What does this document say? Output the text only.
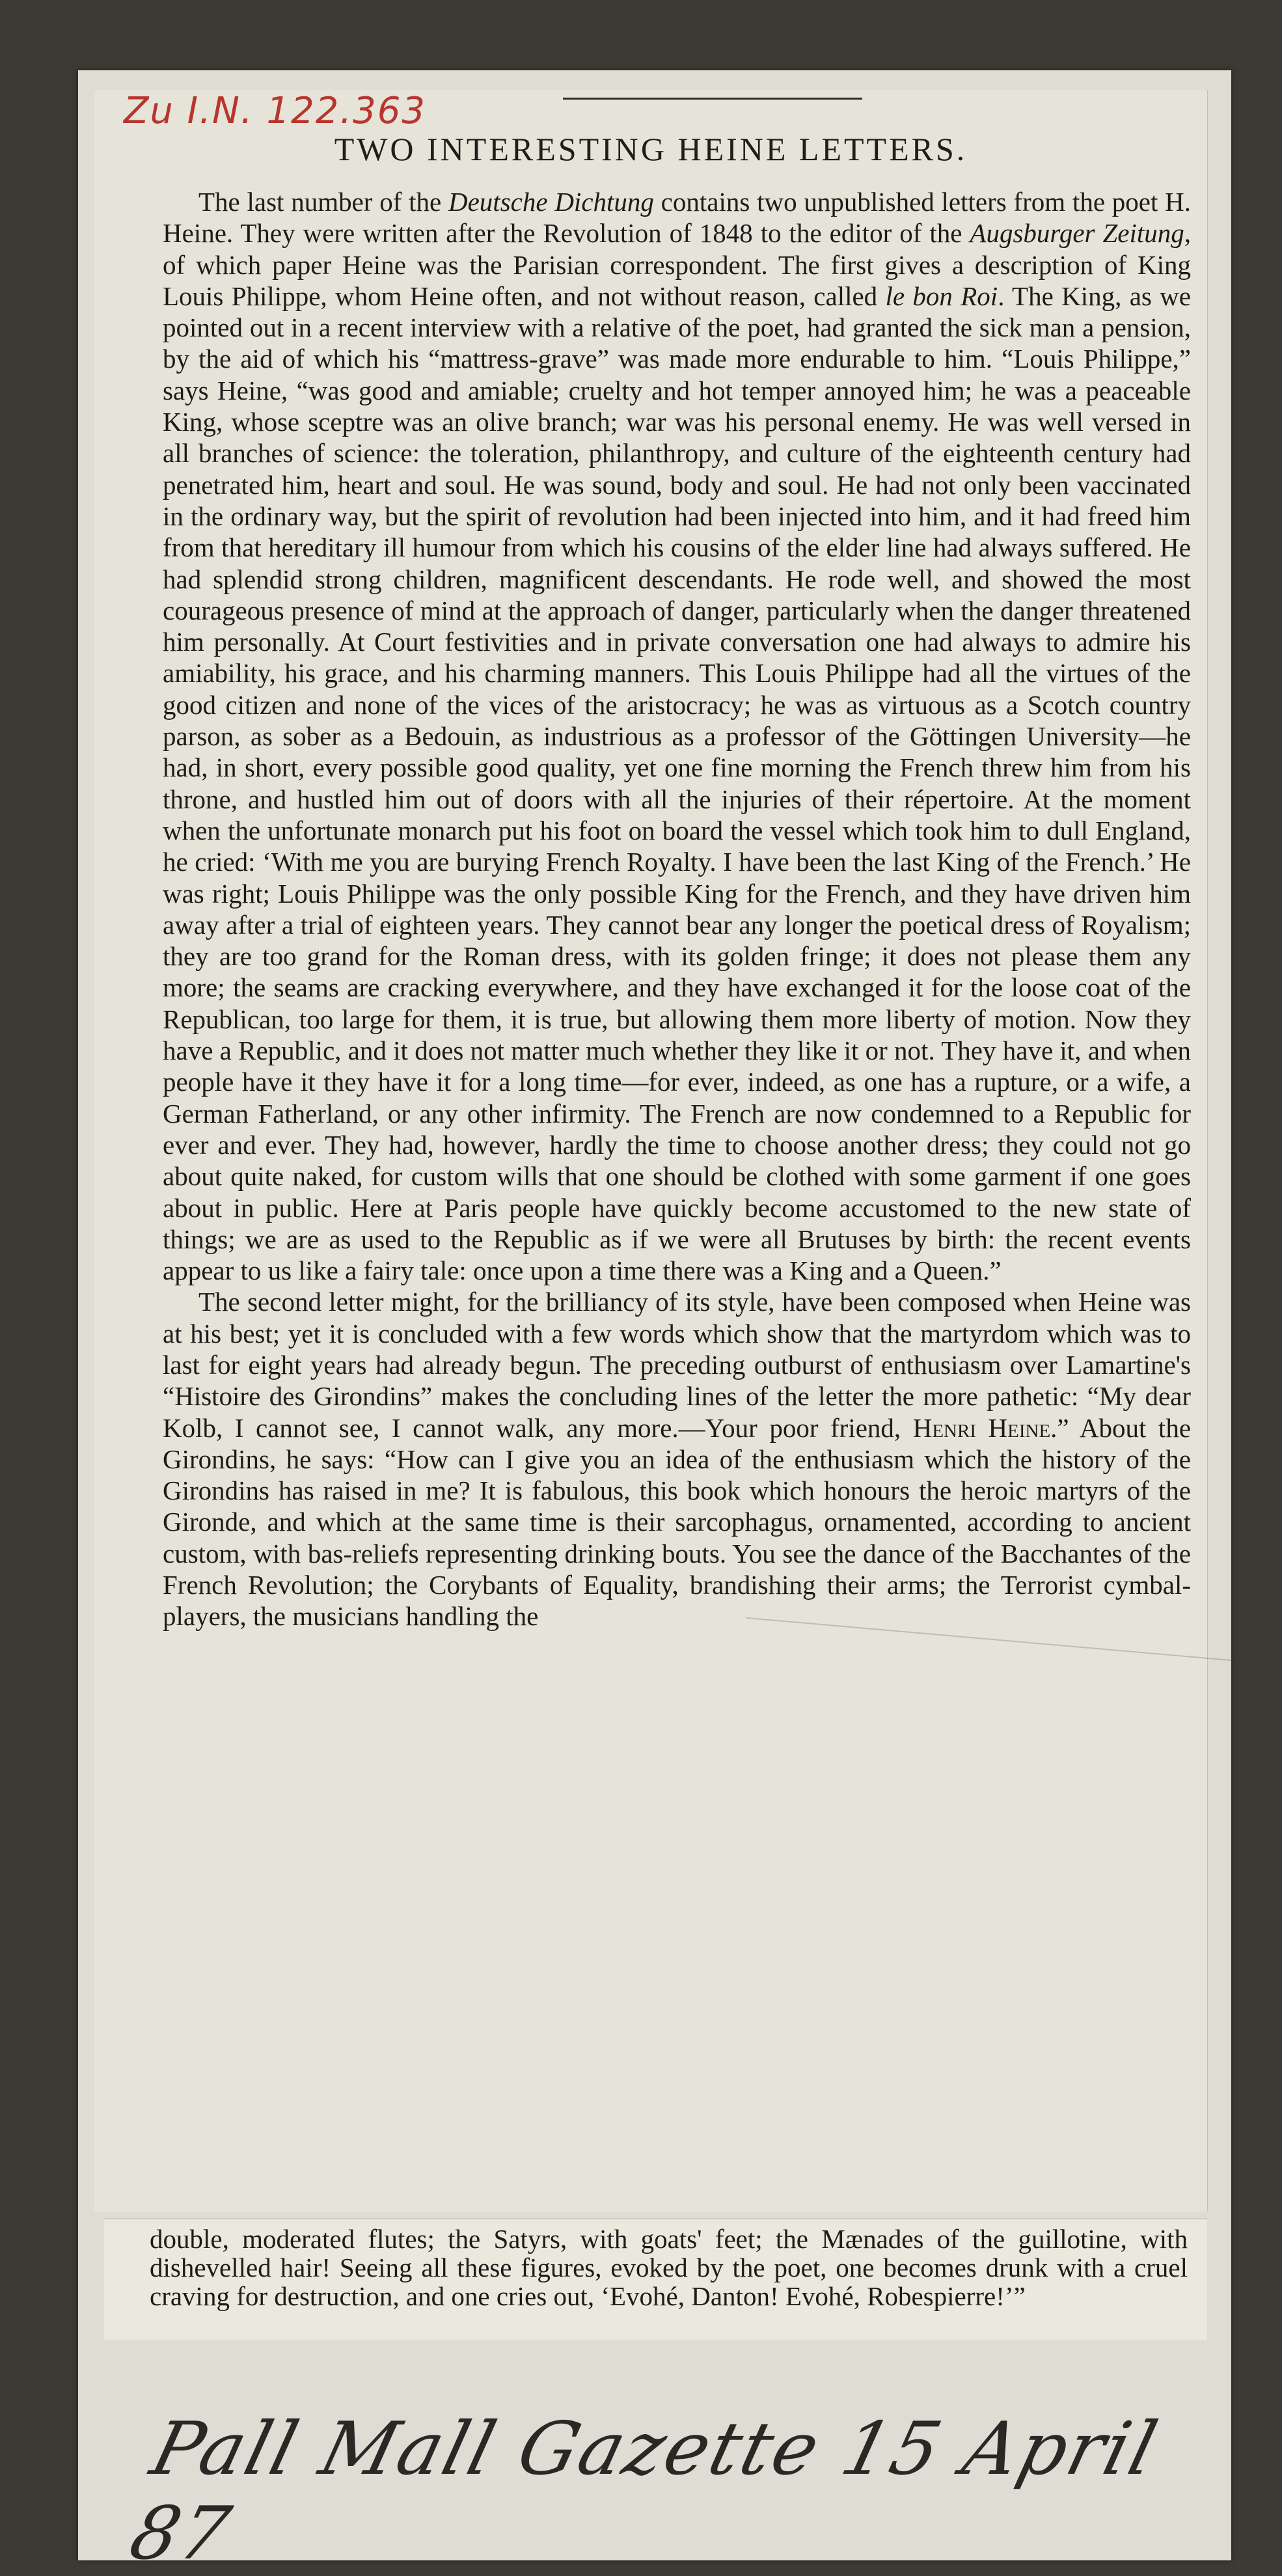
Zu I.N. 122.363
TWO INTERESTING HEINE LETTERS.

The last number of the Deutsche Dichtung contains two unpublished letters from the poet H. Heine. They were written after the Revolution of 1848 to the editor of the Augsburger Zeitung, of which paper Heine was the Parisian correspondent. The first gives a description of King Louis Philippe, whom Heine often, and not without reason, called le bon Roi. The King, as we pointed out in a recent interview with a relative of the poet, had granted the sick man a pension, by the aid of which his “mattress-grave” was made more endurable to him. “Louis Philippe,” says Heine, “was good and amiable; cruelty and hot temper annoyed him; he was a peaceable King, whose sceptre was an olive branch; war was his personal enemy. He was well versed in all branches of science: the toleration, philanthropy, and culture of the eighteenth century had penetrated him, heart and soul. He was sound, body and soul. He had not only been vaccinated in the ordinary way, but the spirit of revolution had been injected into him, and it had freed him from that hereditary ill humour from which his cousins of the elder line had always suffered. He had splendid strong children, magnificent descendants. He rode well, and showed the most courageous presence of mind at the approach of danger, particularly when the danger threatened him personally. At Court festivities and in private conversation one had always to admire his amiability, his grace, and his charming manners. This Louis Philippe had all the virtues of the good citizen and none of the vices of the aristocracy; he was as virtuous as a Scotch country parson, as sober as a Bedouin, as industrious as a professor of the Göttingen University—he had, in short, every possible good quality, yet one fine morning the French threw him from his throne, and hustled him out of doors with all the injuries of their répertoire. At the moment when the unfortunate monarch put his foot on board the vessel which took him to dull England, he cried: ‘With me you are burying French Royalty. I have been the last King of the French.’ He was right; Louis Philippe was the only possible King for the French, and they have driven him away after a trial of eighteen years. They cannot bear any longer the poetical dress of Royalism; they are too grand for the Roman dress, with its golden fringe; it does not please them any more; the seams are cracking everywhere, and they have exchanged it for the loose coat of the Republican, too large for them, it is true, but allowing them more liberty of motion. Now they have a Republic, and it does not matter much whether they like it or not. They have it, and when people have it they have it for a long time—for ever, indeed, as one has a rupture, or a wife, a German Fatherland, or any other infirmity. The French are now condemned to a Republic for ever and ever. They had, however, hardly the time to choose another dress; they could not go about quite naked, for custom wills that one should be clothed with some garment if one goes about in public. Here at Paris people have quickly become accustomed to the new state of things; we are as used to the Republic as if we were all Brutuses by birth: the recent events appear to us like a fairy tale: once upon a time there was a King and a Queen.”

The second letter might, for the brilliancy of its style, have been composed when Heine was at his best; yet it is concluded with a few words which show that the martyrdom which was to last for eight years had already begun. The preceding outburst of enthusiasm over Lamartine's “Histoire des Girondins” makes the concluding lines of the letter the more pathetic: “My dear Kolb, I cannot see, I cannot walk, any more.—Your poor friend, Henri Heine.” About the Girondins, he says: “How can I give you an idea of the enthusiasm which the history of the Girondins has raised in me? It is fabulous, this book which honours the heroic martyrs of the Gironde, and which at the same time is their sarcophagus, ornamented, according to ancient custom, with bas-reliefs representing drinking bouts. You see the dance of the Bacchantes of the French Revolution; the Corybants of Equality, brandishing their arms; the Terrorist cymbal-players, the musicians handling the

double, moderated flutes; the Satyrs, with goats' feet; the Mænades of the guillotine, with dishevelled hair! Seeing all these figures, evoked by the poet, one becomes drunk with a cruel craving for destruction, and one cries out, ‘Evohé, Danton! Evohé, Robespierre!’”

Pall Mall Gazette 15 April 87
